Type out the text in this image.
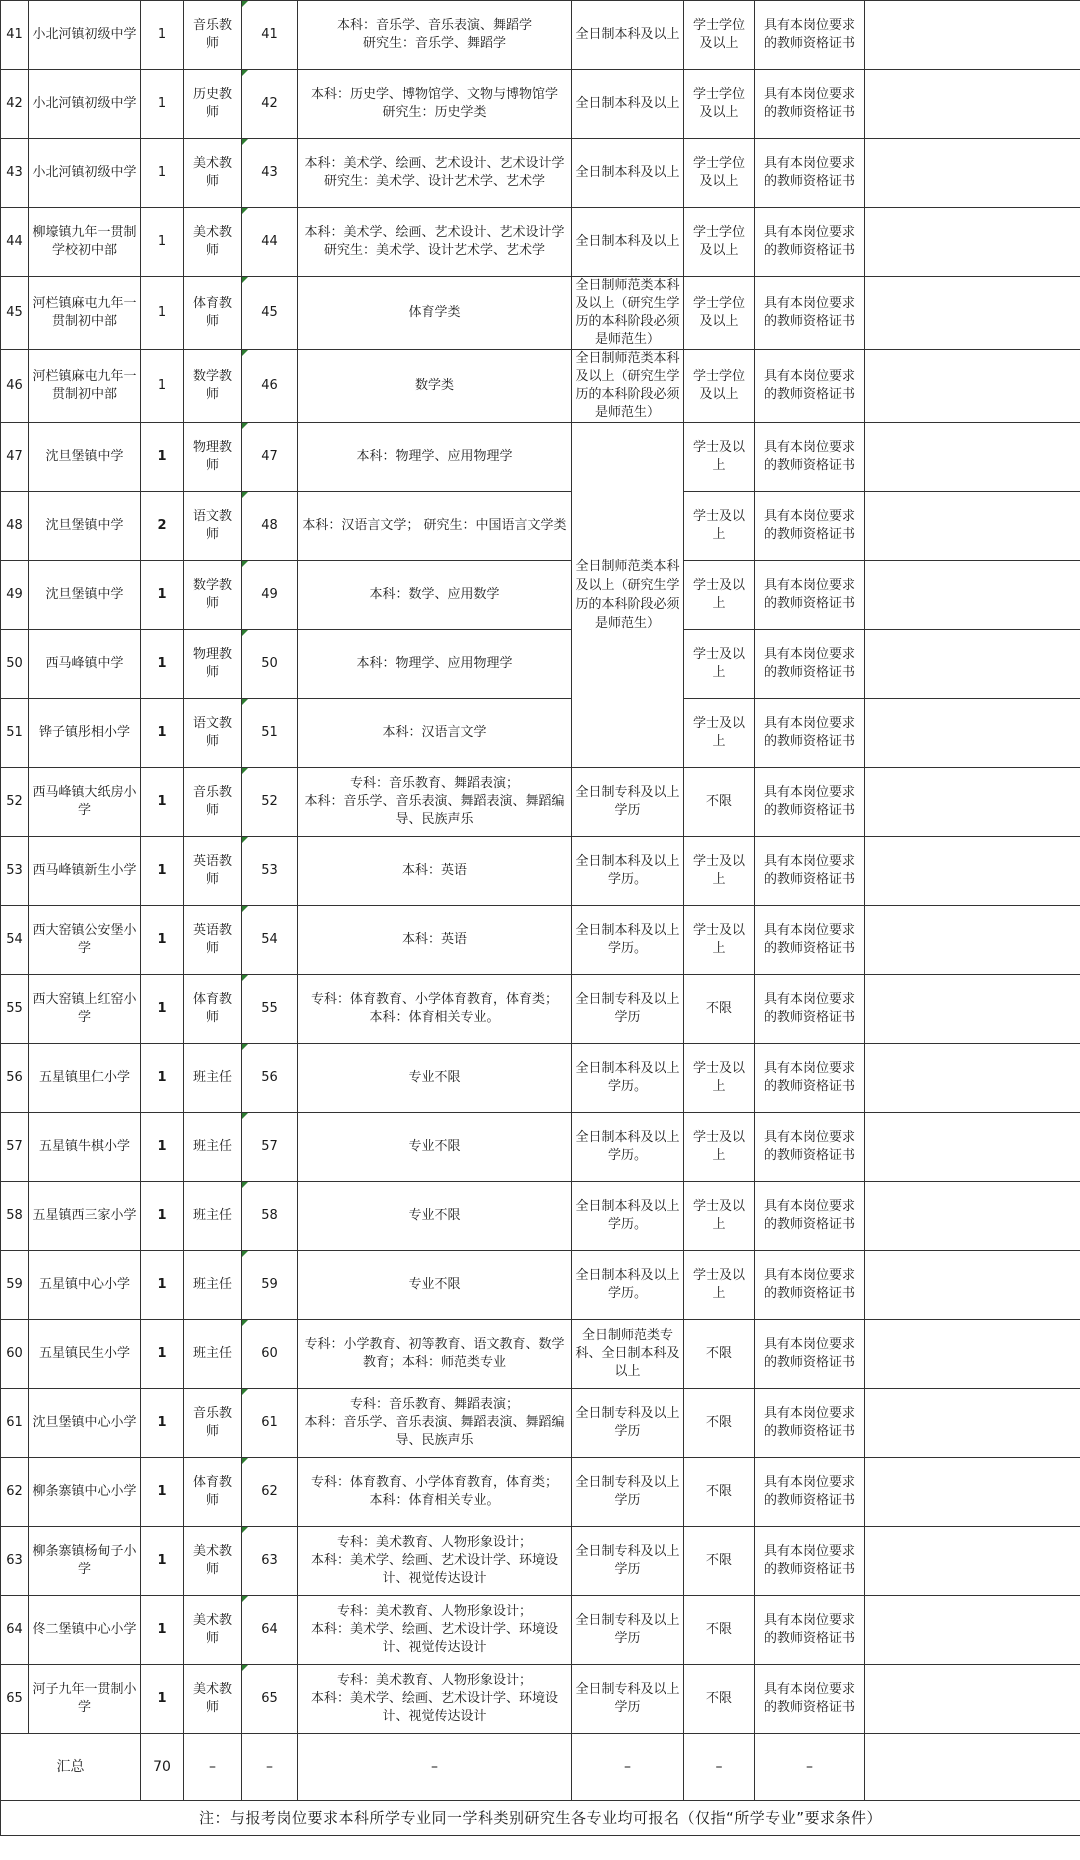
41	小北河镇初级中学	1	音乐教师	41	本科：音乐学、音乐表演、舞蹈学
研究生：音乐学、舞蹈学	全日制本科及以上	学士学位及以上	具有本岗位要求的教师资格证书	
42	小北河镇初级中学	1	历史教师	42	本科：历史学、博物馆学、文物与博物馆学
研究生：历史学类	全日制本科及以上	学士学位及以上	具有本岗位要求的教师资格证书	
43	小北河镇初级中学	1	美术教师	43	本科：美术学、绘画、艺术设计、艺术设计学
研究生：美术学、设计艺术学、艺术学	全日制本科及以上	学士学位及以上	具有本岗位要求的教师资格证书	
44	柳壕镇九年一贯制学校初中部	1	美术教师	44	本科：美术学、绘画、艺术设计、艺术设计学
研究生：美术学、设计艺术学、艺术学	全日制本科及以上	学士学位及以上	具有本岗位要求的教师资格证书	
45	河栏镇麻屯九年一贯制初中部	1	体育教师	45	体育学类	全日制师范类本科及以上（研究生学历的本科阶段必须是师范生）	学士学位及以上	具有本岗位要求的教师资格证书	
46	河栏镇麻屯九年一贯制初中部	1	数学教师	46	数学类	全日制师范类本科及以上（研究生学历的本科阶段必须是师范生）	学士学位及以上	具有本岗位要求的教师资格证书	
47	沈旦堡镇中学	1	物理教师	47	本科：物理学、应用物理学	全日制师范类本科及以上（研究生学历的本科阶段必须是师范生）	学士及以上	具有本岗位要求的教师资格证书	
48	沈旦堡镇中学	2	语文教师	48	本科：汉语言文学； 研究生：中国语言文学类		学士及以上	具有本岗位要求的教师资格证书	
49	沈旦堡镇中学	1	数学教师	49	本科：数学、应用数学		学士及以上	具有本岗位要求的教师资格证书	
50	西马峰镇中学	1	物理教师	50	本科：物理学、应用物理学		学士及以上	具有本岗位要求的教师资格证书	
51	铧子镇彤相小学	1	语文教师	51	本科：汉语言文学		学士及以上	具有本岗位要求的教师资格证书	
52	西马峰镇大纸房小学	1	音乐教师	52	专科：音乐教育、舞蹈表演；
本科：音乐学、音乐表演、舞蹈表演、舞蹈编导、民族声乐	全日制专科及以上学历	不限	具有本岗位要求的教师资格证书	
53	西马峰镇新生小学	1	英语教师	53	本科：英语	全日制本科及以上学历。	学士及以上	具有本岗位要求的教师资格证书	
54	西大窑镇公安堡小学	1	英语教师	54	本科：英语	全日制本科及以上学历。	学士及以上	具有本岗位要求的教师资格证书	
55	西大窑镇上红窑小学	1	体育教师	55	专科：体育教育、小学体育教育，体育类；
本科：体育相关专业。	全日制专科及以上学历	不限	具有本岗位要求的教师资格证书	
56	五星镇里仁小学	1	班主任	56	专业不限	全日制本科及以上学历。	学士及以上	具有本岗位要求的教师资格证书	
57	五星镇牛棋小学	1	班主任	57	专业不限	全日制本科及以上学历。	学士及以上	具有本岗位要求的教师资格证书	
58	五星镇西三家小学	1	班主任	58	专业不限	全日制本科及以上学历。	学士及以上	具有本岗位要求的教师资格证书	
59	五星镇中心小学	1	班主任	59	专业不限	全日制本科及以上学历。	学士及以上	具有本岗位要求的教师资格证书	
60	五星镇民生小学	1	班主任	60	专科：小学教育、初等教育、语文教育、数学教育；本科：师范类专业	全日制师范类专科、全日制本科及以上	不限	具有本岗位要求的教师资格证书	
61	沈旦堡镇中心小学	1	音乐教师	61	专科：音乐教育、舞蹈表演；
本科：音乐学、音乐表演、舞蹈表演、舞蹈编导、民族声乐	全日制专科及以上学历	不限	具有本岗位要求的教师资格证书	
62	柳条寨镇中心小学	1	体育教师	62	专科：体育教育、小学体育教育，体育类；
本科：体育相关专业。	全日制专科及以上学历	不限	具有本岗位要求的教师资格证书	
63	柳条寨镇杨甸子小学	1	美术教师	63	专科：美术教育、人物形象设计；
本科：美术学、绘画、艺术设计学、环境设计、视觉传达设计	全日制专科及以上学历	不限	具有本岗位要求的教师资格证书	
64	佟二堡镇中心小学	1	美术教师	64	专科：美术教育、人物形象设计；
本科：美术学、绘画、艺术设计学、环境设计、视觉传达设计	全日制专科及以上学历	不限	具有本岗位要求的教师资格证书	
65	河子九年一贯制小学	1	美术教师	65	专科：美术教育、人物形象设计；
本科：美术学、绘画、艺术设计学、环境设计、视觉传达设计	全日制专科及以上学历	不限	具有本岗位要求的教师资格证书	
汇总		70	–	–	–	–	–	–	
注：与报考岗位要求本科所学专业同一学科类别研究生各专业均可报名（仅指“所学专业”要求条件）									
